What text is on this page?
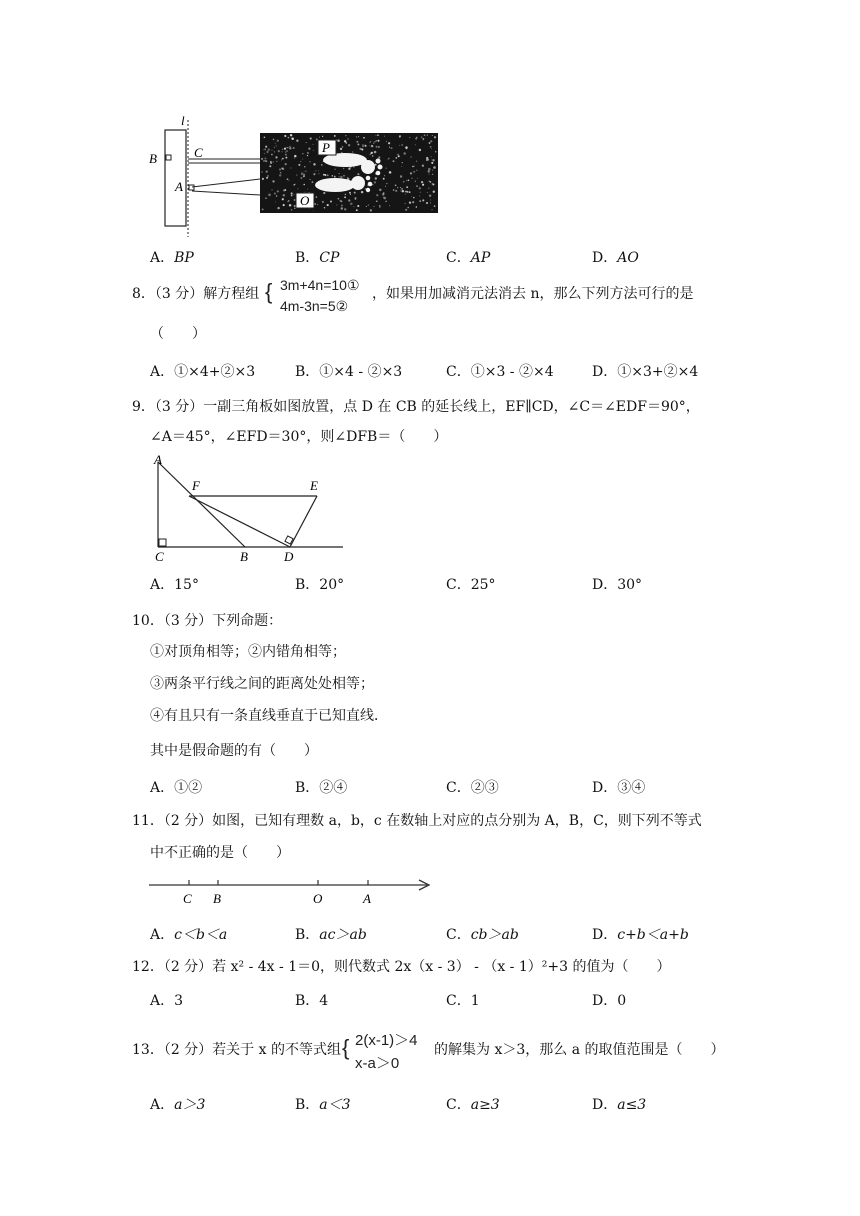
l
B	C
A
P
O
A．BP	B．CP	C．AP	D．AO
8．（3 分）解方程组 { 3m+4n=10①
4m-3n=5②
，如果用加减消元法消去 n，那么下列方法可行的是
（　　）
A．①×4+②×3	B．①×4 - ②×3	C．①×3 - ②×4	D．①×3+②×4
9．（3 分）一副三角板如图放置，点 D 在 CB 的延长线上，EF∥CD，∠C＝∠EDF＝90°，
∠A＝45°，∠EFD＝30°，则∠DFB＝（　　）
A
F	E
C	B	D
A．15°	B．20°	C．25°	D．30°
10．（3 分）下列命题：
①对顶角相等；②内错角相等；
③两条平行线之间的距离处处相等；
④有且只有一条直线垂直于已知直线．
其中是假命题的有（　　）
A．①②	B．②④	C．②③	D．③④
11．（2 分）如图，已知有理数 a，b，c 在数轴上对应的点分别为 A，B，C，则下列不等式
中不正确的是（　　）
C B	O	A
A．c＜b＜a	B．ac＞ab	C．cb＞ab	D．c+b＜a+b
12．（2 分）若 x² - 4x - 1＝0，则代数式 2x（x - 3） - （x - 1）²+3 的值为（　　）
A．3	B．4	C．1	D．0
13．（2 分）若关于 x 的不等式组 { 2(x-1)＞4
x-a＞0
的解集为 x＞3，那么 a 的取值范围是（　　）
A．a＞3	B．a＜3	C．a≥3	D．a≤3
